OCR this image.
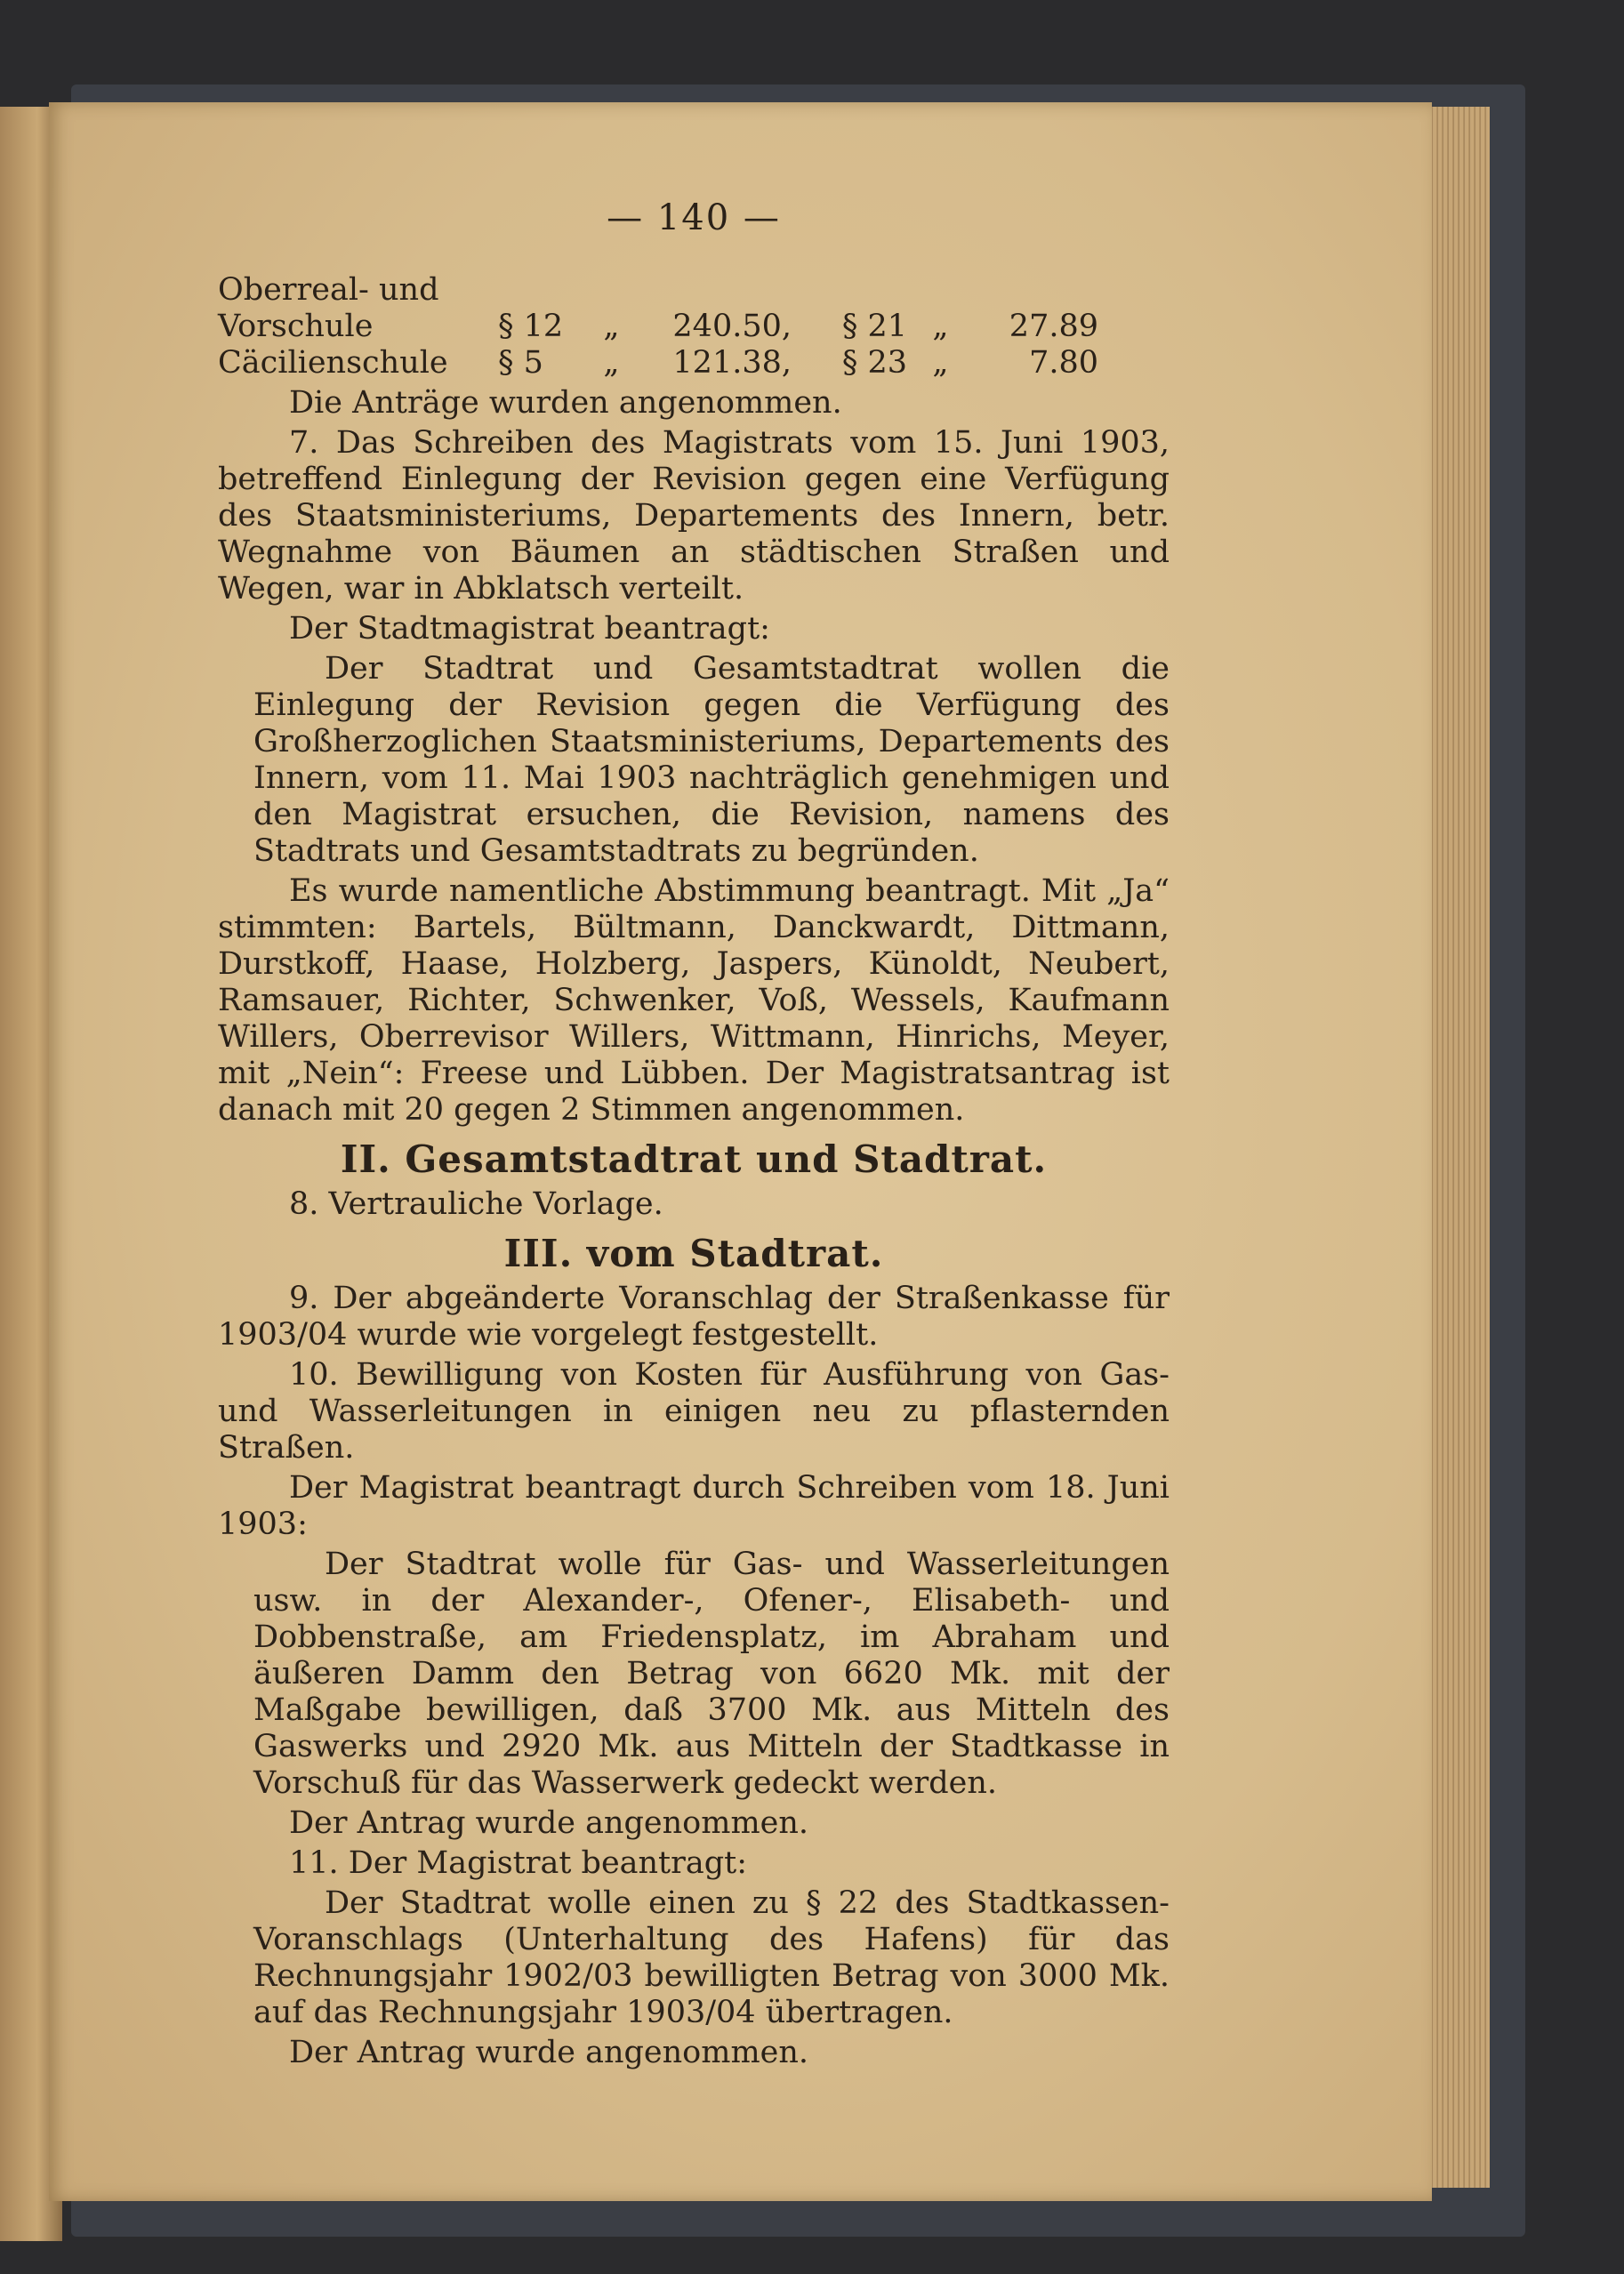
— 140 —
Oberreal- und
Vorschule	§ 12	„	240.50,	§ 21 „	27.89
Cäcilienschule	§ 5	„	121.38,	§ 23 „	7.80

Die Anträge wurden angenommen.

7. Das Schreiben des Magistrats vom 15. Juni 1903, betreffend Einlegung der Revision gegen eine Verfügung des Staatsministeriums, Departements des Innern, betr. Wegnahme von Bäumen an städtischen Straßen und Wegen, war in Abklatsch verteilt.

Der Stadtmagistrat beantragt:

Der Stadtrat und Gesamtstadtrat wollen die Einlegung der Revision gegen die Verfügung des Großherzoglichen Staatsministeriums, Departements des Innern, vom 11. Mai 1903 nachträglich genehmigen und den Magistrat ersuchen, die Revision, namens des Stadtrats und Gesamtstadtrats zu begründen.

Es wurde namentliche Abstimmung beantragt. Mit „Ja“ stimmten: Bartels, Bültmann, Danckwardt, Dittmann, Durstkoff, Haase, Holzberg, Jaspers, Künoldt, Neubert, Ramsauer, Richter, Schwenker, Voß, Wessels, Kaufmann Willers, Oberrevisor Willers, Wittmann, Hinrichs, Meyer, mit „Nein“: Freese und Lübben. Der Magistratsantrag ist danach mit 20 gegen 2 Stimmen angenommen.

II. Gesamtstadtrat und Stadtrat.

8. Vertrauliche Vorlage.

III. vom Stadtrat.

9. Der abgeänderte Voranschlag der Straßenkasse für 1903/04 wurde wie vorgelegt festgestellt.

10. Bewilligung von Kosten für Ausführung von Gas- und Wasserleitungen in einigen neu zu pflasternden Straßen.

Der Magistrat beantragt durch Schreiben vom 18. Juni 1903:

Der Stadtrat wolle für Gas- und Wasserleitungen usw. in der Alexander-, Ofener-, Elisabeth- und Dobbenstraße, am Friedensplatz, im Abraham und äußeren Damm den Betrag von 6620 Mk. mit der Maßgabe bewilligen, daß 3700 Mk. aus Mitteln des Gaswerks und 2920 Mk. aus Mitteln der Stadtkasse in Vorschuß für das Wasserwerk gedeckt werden.

Der Antrag wurde angenommen.

11. Der Magistrat beantragt:

Der Stadtrat wolle einen zu § 22 des Stadtkassen-Voranschlags (Unterhaltung des Hafens) für das Rechnungsjahr 1902/03 bewilligten Betrag von 3000 Mk. auf das Rechnungsjahr 1903/04 übertragen.

Der Antrag wurde angenommen.
